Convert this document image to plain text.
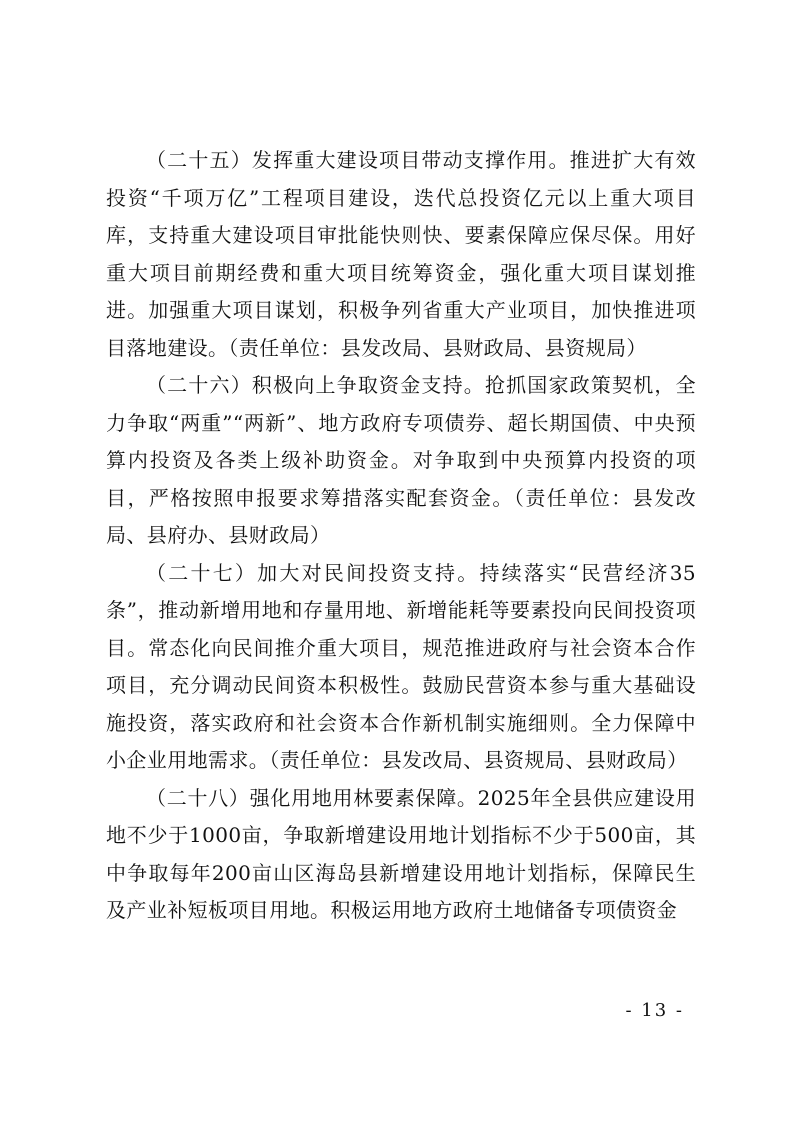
（二十五）发挥重大建设项目带动支撑作用。推进扩大有效投资“千项万亿”工程项目建设，迭代总投资亿元以上重大项目库，支持重大建设项目审批能快则快、要素保障应保尽保。用好重大项目前期经费和重大项目统筹资金，强化重大项目谋划推进。加强重大项目谋划，积极争列省重大产业项目，加快推进项目落地建设。（责任单位：县发改局、县财政局、县资规局）

（二十六）积极向上争取资金支持。抢抓国家政策契机，全力争取“两重”“两新”、地方政府专项债券、超长期国债、中央预算内投资及各类上级补助资金。对争取到中央预算内投资的项目，严格按照申报要求筹措落实配套资金。（责任单位：县发改局、县府办、县财政局）

（二十七）加大对民间投资支持。持续落实“民营经济35条”，推动新增用地和存量用地、新增能耗等要素投向民间投资项目。常态化向民间推介重大项目，规范推进政府与社会资本合作项目，充分调动民间资本积极性。鼓励民营资本参与重大基础设施投资，落实政府和社会资本合作新机制实施细则。全力保障中小企业用地需求。（责任单位：县发改局、县资规局、县财政局）

（二十八）强化用地用林要素保障。2025年全县供应建设用地不少于1000亩，争取新增建设用地计划指标不少于500亩，其中争取每年200亩山区海岛县新增建设用地计划指标，保障民生及产业补短板项目用地。积极运用地方政府土地储备专项债资金

- 13 -
